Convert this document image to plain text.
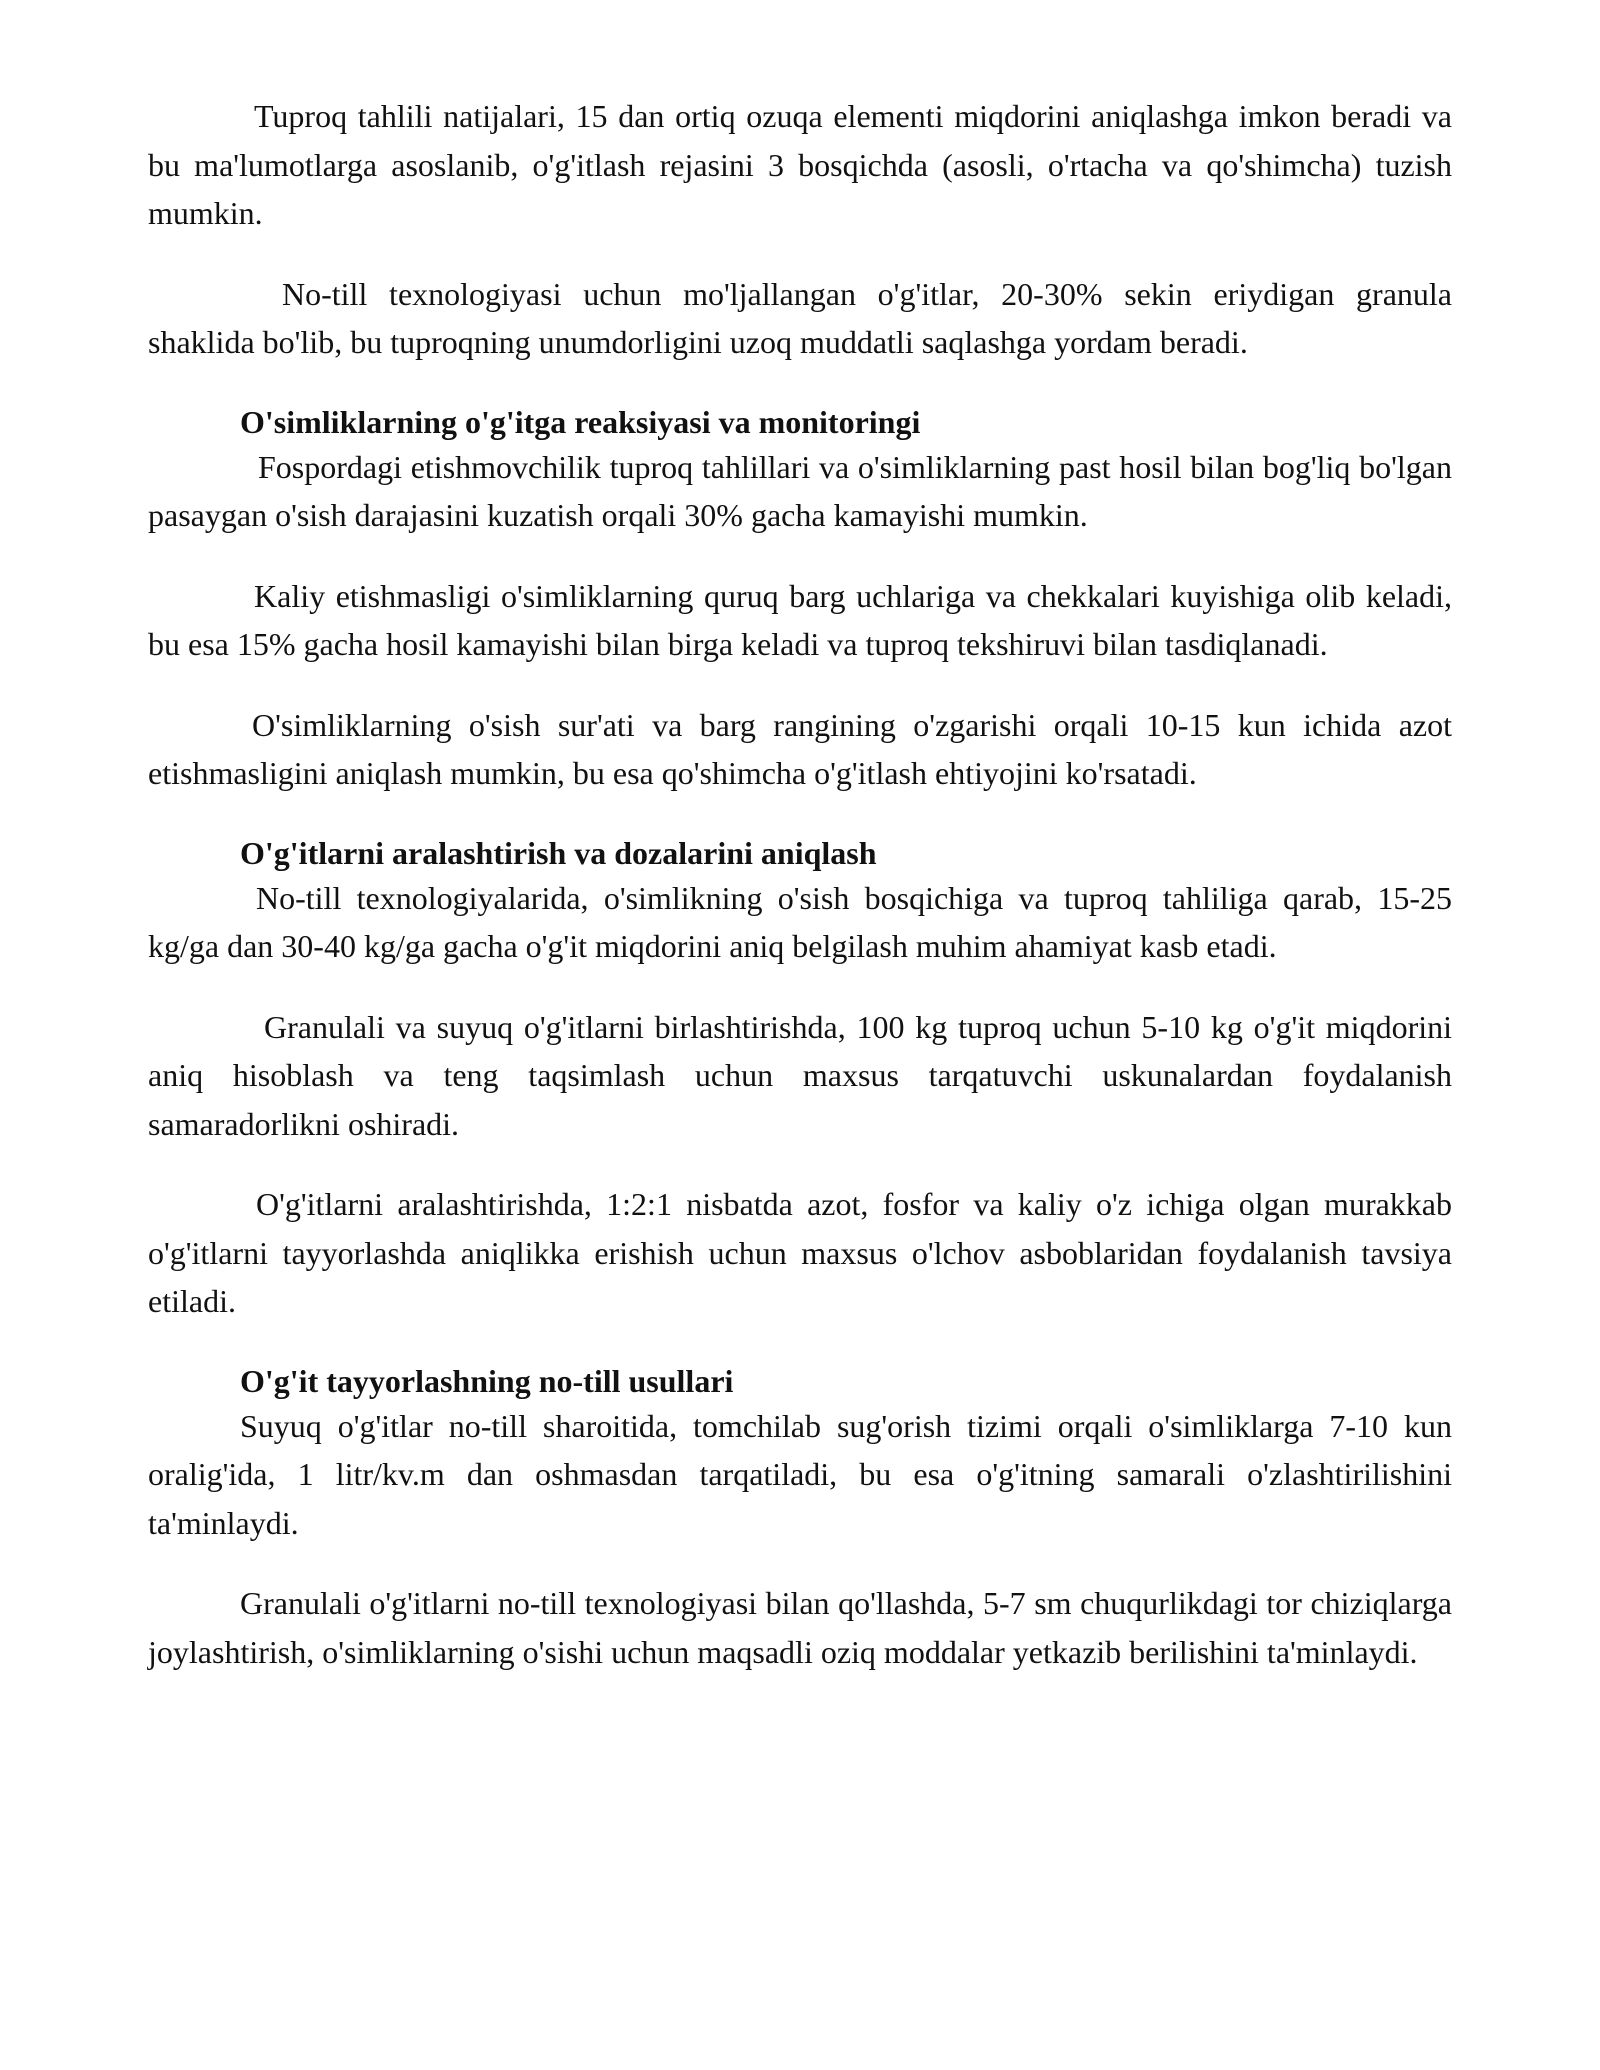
Tuproq tahlili natijalari, 15 dan ortiq ozuqa elementi miqdorini aniqlashga imkon beradi va bu ma'lumotlarga asoslanib, o'g'itlash rejasini 3 bosqichda (asosli, o'rtacha va qo'shimcha) tuzish mumkin.

No-till texnologiyasi uchun mo'ljallangan o'g'itlar, 20-30% sekin eriydigan granula shaklida bo'lib, bu tuproqning unumdorligini uzoq muddatli saqlashga yordam beradi.

O'simliklarning o'g'itga reaksiyasi va monitoringi

Fospordagi etishmovchilik tuproq tahlillari va o'simliklarning past hosil bilan bog'liq bo'lgan pasaygan o'sish darajasini kuzatish orqali 30% gacha kamayishi mumkin.

Kaliy etishmasligi o'simliklarning quruq barg uchlariga va chekkalari kuyishiga olib keladi, bu esa 15% gacha hosil kamayishi bilan birga keladi va tuproq tekshiruvi bilan tasdiqlanadi.

O'simliklarning o'sish sur'ati va barg rangining o'zgarishi orqali 10-15 kun ichida azot etishmasligini aniqlash mumkin, bu esa qo'shimcha o'g'itlash ehtiyojini ko'rsatadi.

O'g'itlarni aralashtirish va dozalarini aniqlash

No-till texnologiyalarida, o'simlikning o'sish bosqichiga va tuproq tahliliga qarab, 15-25 kg/ga dan 30-40 kg/ga gacha o'g'it miqdorini aniq belgilash muhim ahamiyat kasb etadi.

Granulali va suyuq o'g'itlarni birlashtirishda, 100 kg tuproq uchun 5-10 kg o'g'it miqdorini aniq hisoblash va teng taqsimlash uchun maxsus tarqatuvchi uskunalardan foydalanish samaradorlikni oshiradi.

O'g'itlarni aralashtirishda, 1:2:1 nisbatda azot, fosfor va kaliy o'z ichiga olgan murakkab o'g'itlarni tayyorlashda aniqlikka erishish uchun maxsus o'lchov asboblaridan foydalanish tavsiya etiladi.

O'g'it tayyorlashning no-till usullari

Suyuq o'g'itlar no-till sharoitida, tomchilab sug'orish tizimi orqali o'simliklarga 7-10 kun oralig'ida, 1 litr/kv.m dan oshmasdan tarqatiladi, bu esa o'g'itning samarali o'zlashtirilishini ta'minlaydi.

Granulali o'g'itlarni no-till texnologiyasi bilan qo'llashda, 5-7 sm chuqurlikdagi tor chiziqlarga joylashtirish, o'simliklarning o'sishi uchun maqsadli oziq moddalar yetkazib berilishini ta'minlaydi.
